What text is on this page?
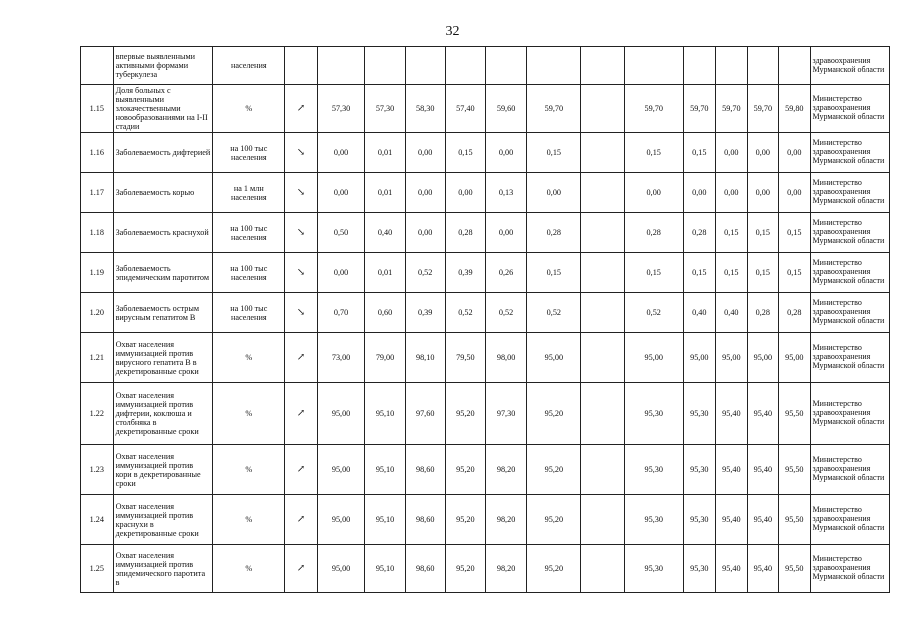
32
	впервые выявленными активными формами туберкулеза	населения														здравоохранения Мурманской области
1.15	Доля больных с выявленными злокачественными новообразованиями на I-II стадии	%	↗	57,30	57,30	58,30	57,40	59,60	59,70		59,70	59,70	59,70	59,70	59,80	Министерство здравоохранения Мурманской области
1.16	Заболеваемость дифтерией	на 100 тыс населения	↘	0,00	0,01	0,00	0,15	0,00	0,15		0,15	0,15	0,00	0,00	0,00	Министерство здравоохранения Мурманской области
1.17	Заболеваемость корью	на 1 млн населения	↘	0,00	0,01	0,00	0,00	0,13	0,00		0,00	0,00	0,00	0,00	0,00	Министерство здравоохранения Мурманской области
1.18	Заболеваемость краснухой	на 100 тыс населения	↘	0,50	0,40	0,00	0,28	0,00	0,28		0,28	0,28	0,15	0,15	0,15	Министерство здравоохранения Мурманской области
1.19	Заболеваемость эпидемическим паротитом	на 100 тыс населения	↘	0,00	0,01	0,52	0,39	0,26	0,15		0,15	0,15	0,15	0,15	0,15	Министерство здравоохранения Мурманской области
1.20	Заболеваемость острым вирусным гепатитом В	на 100 тыс населения	↘	0,70	0,60	0,39	0,52	0,52	0,52		0,52	0,40	0,40	0,28	0,28	Министерство здравоохранения Мурманской области
1.21	Охват населения иммунизацией против вирусного гепатита В в декретированные сроки	%	↗	73,00	79,00	98,10	79,50	98,00	95,00		95,00	95,00	95,00	95,00	95,00	Министерство здравоохранения Мурманской области
1.22	Охват населения иммунизацией против дифтерии, коклюша и столбняка в декретированные сроки	%	↗	95,00	95,10	97,60	95,20	97,30	95,20		95,30	95,30	95,40	95,40	95,50	Министерство здравоохранения Мурманской области
1.23	Охват населения иммунизацией против кори в декретированные сроки	%	↗	95,00	95,10	98,60	95,20	98,20	95,20		95,30	95,30	95,40	95,40	95,50	Министерство здравоохранения Мурманской области
1.24	Охват населения иммунизацией против краснухи в декретированные сроки	%	↗	95,00	95,10	98,60	95,20	98,20	95,20		95,30	95,30	95,40	95,40	95,50	Министерство здравоохранения Мурманской области
1.25	Охват населения иммунизацией против эпидемического паротита в	%	↗	95,00	95,10	98,60	95,20	98,20	95,20		95,30	95,30	95,40	95,40	95,50	Министерство здравоохранения Мурманской области
